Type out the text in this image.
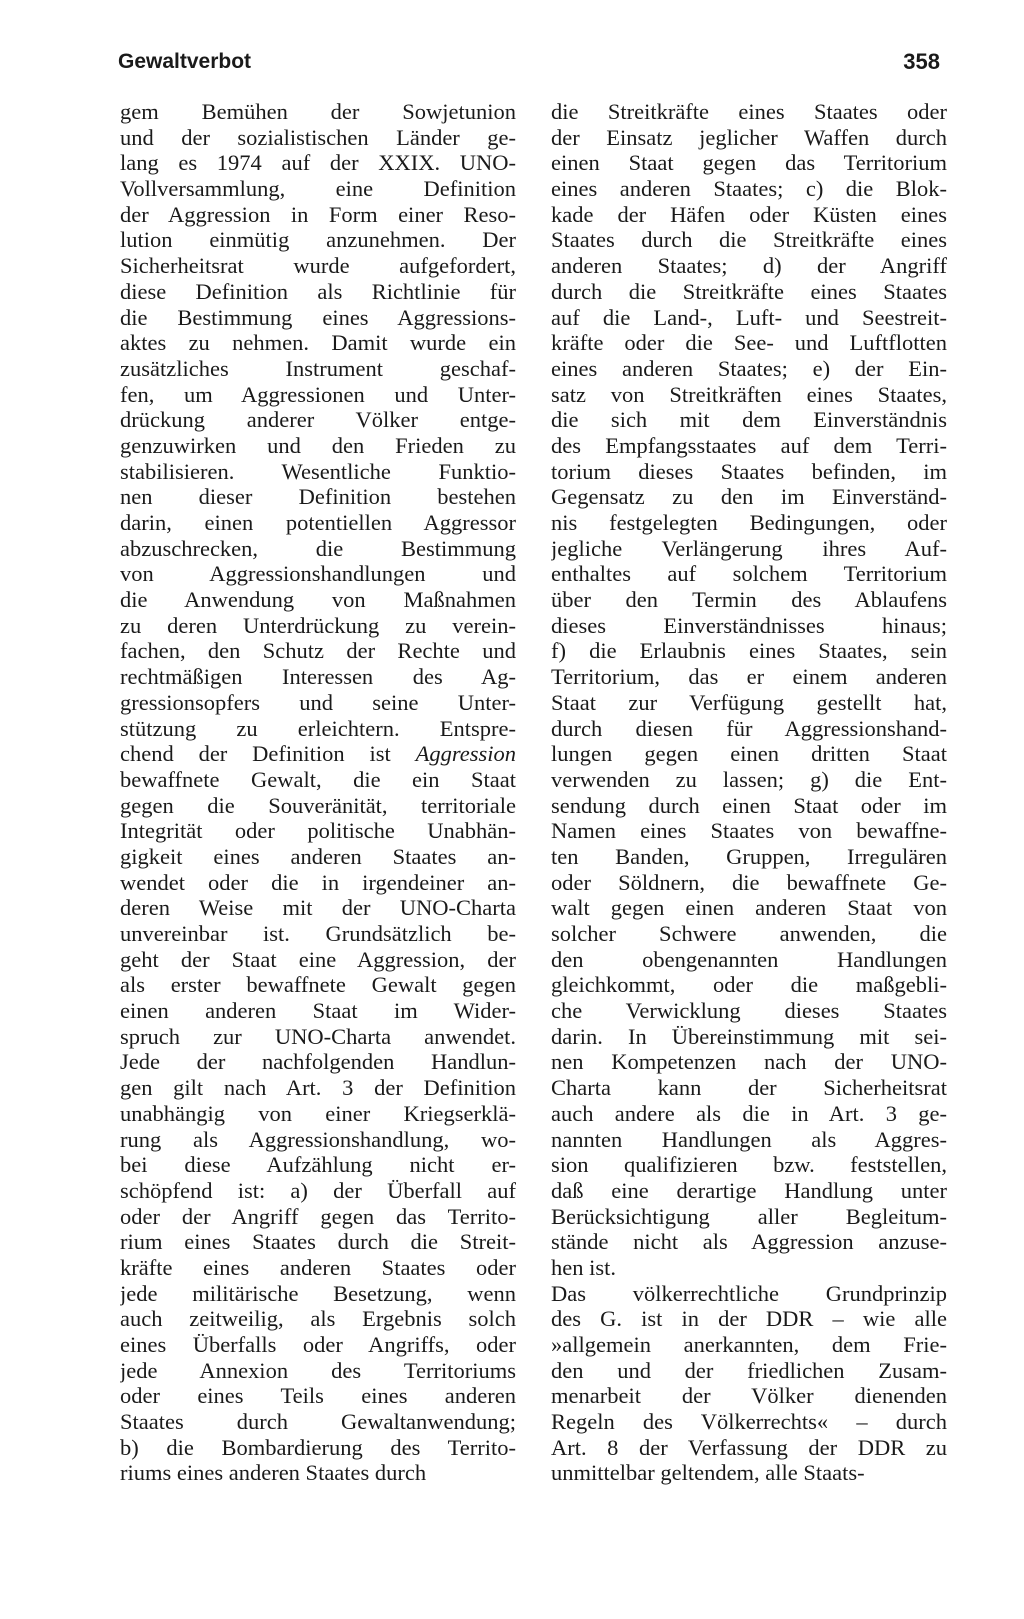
Gewaltverbot	358
gem Bemühen der Sowjetunion
und der sozialistischen Länder ge-
lang es 1974 auf der XXIX. UNO-
Vollversammlung, eine Definition
der Aggression in Form einer Reso-
lution einmütig anzunehmen. Der
Sicherheitsrat wurde aufgefordert,
diese Definition als Richtlinie für
die Bestimmung eines Aggressions-
aktes zu nehmen. Damit wurde ein
zusätzliches Instrument geschaf-
fen, um Aggressionen und Unter-
drückung anderer Völker entge-
genzuwirken und den Frieden zu
stabilisieren. Wesentliche Funktio-
nen dieser Definition bestehen
darin, einen potentiellen Aggressor
abzuschrecken, die Bestimmung
von Aggressionshandlungen und
die Anwendung von Maßnahmen
zu deren Unterdrückung zu verein-
fachen, den Schutz der Rechte und
rechtmäßigen Interessen des Ag-
gressionsopfers und seine Unter-
stützung zu erleichtern. Entspre-
chend der Definition ist Aggression
bewaffnete Gewalt, die ein Staat
gegen die Souveränität, territoriale
Integrität oder politische Unabhän-
gigkeit eines anderen Staates an-
wendet oder die in irgendeiner an-
deren Weise mit der UNO-Charta
unvereinbar ist. Grundsätzlich be-
geht der Staat eine Aggression, der
als erster bewaffnete Gewalt gegen
einen anderen Staat im Wider-
spruch zur UNO-Charta anwendet.
Jede der nachfolgenden Handlun-
gen gilt nach Art. 3 der Definition
unabhängig von einer Kriegserklä-
rung als Aggressionshandlung, wo-
bei diese Aufzählung nicht er-
schöpfend ist: a) der Überfall auf
oder der Angriff gegen das Territo-
rium eines Staates durch die Streit-
kräfte eines anderen Staates oder
jede militärische Besetzung, wenn
auch zeitweilig, als Ergebnis solch
eines Überfalls oder Angriffs, oder
jede Annexion des Territoriums
oder eines Teils eines anderen
Staates durch Gewaltanwendung;
b) die Bombardierung des Territo-
riums eines anderen Staates durch
die Streitkräfte eines Staates oder
der Einsatz jeglicher Waffen durch
einen Staat gegen das Territorium
eines anderen Staates; c) die Blok-
kade der Häfen oder Küsten eines
Staates durch die Streitkräfte eines
anderen Staates; d) der Angriff
durch die Streitkräfte eines Staates
auf die Land-, Luft- und Seestreit-
kräfte oder die See- und Luftflotten
eines anderen Staates; e) der Ein-
satz von Streitkräften eines Staates,
die sich mit dem Einverständnis
des Empfangsstaates auf dem Terri-
torium dieses Staates befinden, im
Gegensatz zu den im Einverständ-
nis festgelegten Bedingungen, oder
jegliche Verlängerung ihres Auf-
enthaltes auf solchem Territorium
über den Termin des Ablaufens
dieses Einverständnisses hinaus;
f) die Erlaubnis eines Staates, sein
Territorium, das er einem anderen
Staat zur Verfügung gestellt hat,
durch diesen für Aggressionshand-
lungen gegen einen dritten Staat
verwenden zu lassen; g) die Ent-
sendung durch einen Staat oder im
Namen eines Staates von bewaffne-
ten Banden, Gruppen, Irregulären
oder Söldnern, die bewaffnete Ge-
walt gegen einen anderen Staat von
solcher Schwere anwenden, die
den obengenannten Handlungen
gleichkommt, oder die maßgebli-
che Verwicklung dieses Staates
darin. In Übereinstimmung mit sei-
nen Kompetenzen nach der UNO-
Charta kann der Sicherheitsrat
auch andere als die in Art. 3 ge-
nannten Handlungen als Aggres-
sion qualifizieren bzw. feststellen,
daß eine derartige Handlung unter
Berücksichtigung aller Begleitum-
stände nicht als Aggression anzuse-
hen ist.
Das völkerrechtliche Grundprinzip
des G. ist in der DDR – wie alle
»allgemein anerkannten, dem Frie-
den und der friedlichen Zusam-
menarbeit der Völker dienenden
Regeln des Völkerrechts« – durch
Art. 8 der Verfassung der DDR zu
unmittelbar geltendem, alle Staats-
